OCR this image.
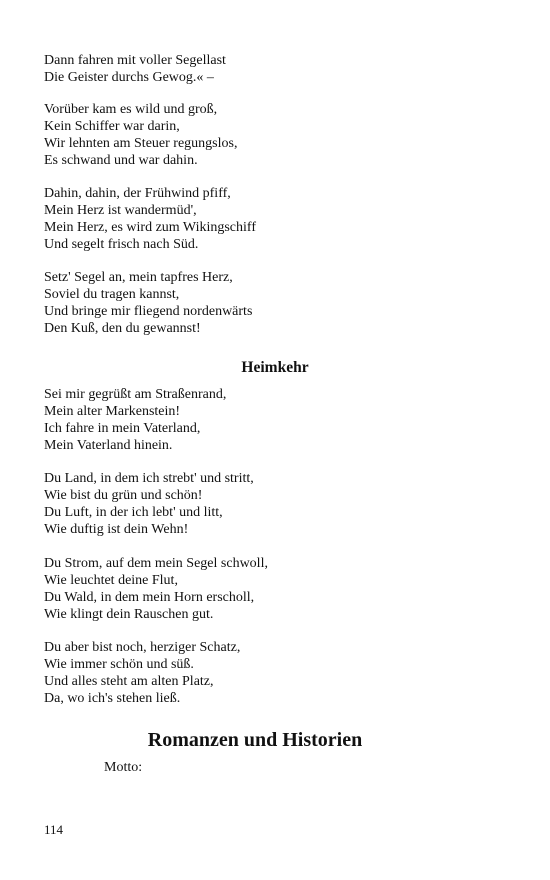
Dann fahren mit voller Segellast
Die Geister durchs Gewog.« –
Vorüber kam es wild und groß,
Kein Schiffer war darin,
Wir lehnten am Steuer regungslos,
Es schwand und war dahin.
Dahin, dahin, der Frühwind pfiff,
Mein Herz ist wandermüd',
Mein Herz, es wird zum Wikingschiff
Und segelt frisch nach Süd.
Setz' Segel an, mein tapfres Herz,
Soviel du tragen kannst,
Und bringe mir fliegend nordenwärts
Den Kuß, den du gewannst!
Heimkehr
Sei mir gegrüßt am Straßenrand,
Mein alter Markenstein!
Ich fahre in mein Vaterland,
Mein Vaterland hinein.
Du Land, in dem ich strebt' und stritt,
Wie bist du grün und schön!
Du Luft, in der ich lebt' und litt,
Wie duftig ist dein Wehn!
Du Strom, auf dem mein Segel schwoll,
Wie leuchtet deine Flut,
Du Wald, in dem mein Horn erscholl,
Wie klingt dein Rauschen gut.
Du aber bist noch, herziger Schatz,
Wie immer schön und süß.
Und alles steht am alten Platz,
Da, wo ich's stehen ließ.
Romanzen und Historien
Motto:
114
